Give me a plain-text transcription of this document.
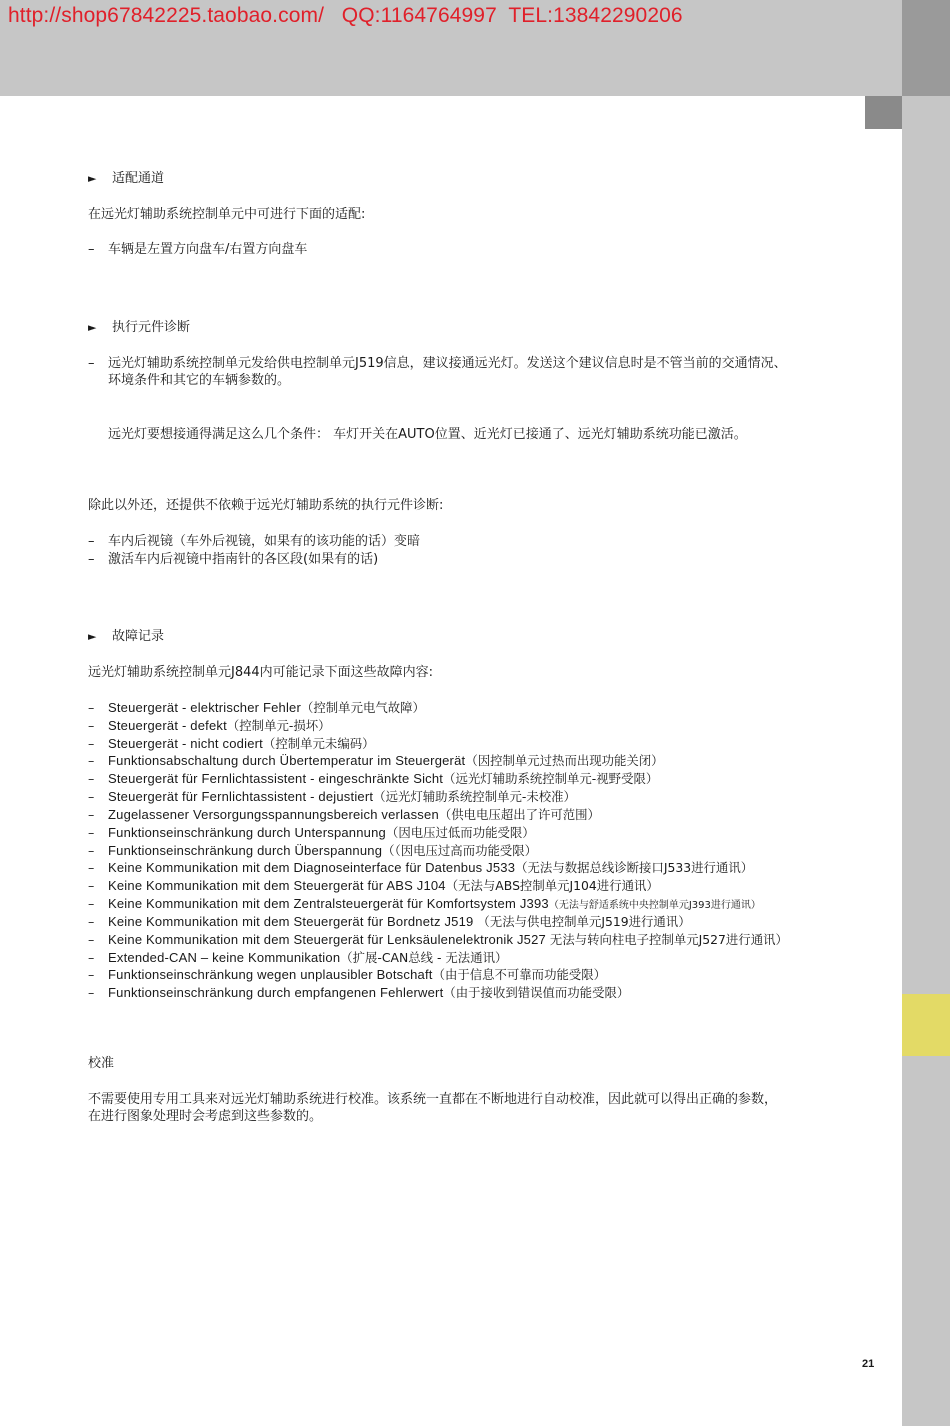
http://shop67842225.taobao.com/   QQ:1164764997  TEL:13842290206
► 适配通道
在远光灯辅助系统控制单元中可进行下面的适配:
– 车辆是左置方向盘车/右置方向盘车
► 执行元件诊断
– 远光灯辅助系统控制单元发给供电控制单元J519信息，建议接通远光灯。发送这个建议信息时是不管当前的交通情况、
环境条件和其它的车辆参数的。
远光灯要想接通得满足这么几个条件： 车灯开关在AUTO位置、近光灯已接通了、远光灯辅助系统功能已激活。
除此以外还，还提供不依赖于远光灯辅助系统的执行元件诊断:
– 车内后视镜（车外后视镜，如果有的该功能的话）变暗
– 激活车内后视镜中指南针的各区段(如果有的话)
► 故障记录
远光灯辅助系统控制单元J844内可能记录下面这些故障内容:
– Steuergerät - elektrischer Fehler（控制单元电气故障）
– Steuergerät - defekt（控制单元-损坏）
– Steuergerät - nicht codiert（控制单元未编码）
– Funktionsabschaltung durch Übertemperatur im Steuergerät（因控制单元过热而出现功能关闭）
– Steuergerät für Fernlichtassistent - eingeschränkte Sicht（远光灯辅助系统控制单元-视野受限）
– Steuergerät für Fernlichtassistent - dejustiert（远光灯辅助系统控制单元-未校准）
– Zugelassener Versorgungsspannungsbereich verlassen（供电电压超出了许可范围）
– Funktionseinschränkung durch Unterspannung（因电压过低而功能受限）
– Funktionseinschränkung durch Überspannung（（因电压过高而功能受限）
– Keine Kommunikation mit dem Diagnoseinterface für Datenbus J533（无法与数据总线诊断接口J533进行通讯）
– Keine Kommunikation mit dem Steuergerät für ABS J104（无法与ABS控制单元J104进行通讯）
– Keine Kommunikation mit dem Zentralsteuergerät für Komfortsystem J393（无法与舒适系统中央控制单元J393进行通讯）
– Keine Kommunikation mit dem Steuergerät für Bordnetz J519 （无法与供电控制单元J519进行通讯）
– Keine Kommunikation mit dem Steuergerät für Lenksäulenelektronik J527 无法与转向柱电子控制单元J527进行通讯）
– Extended-CAN – keine Kommunikation（扩展-CAN总线 - 无法通讯）
– Funktionseinschränkung wegen unplausibler Botschaft（由于信息不可靠而功能受限）
– Funktionseinschränkung durch empfangenen Fehlerwert（由于接收到错误值而功能受限）
校准
不需要使用专用工具来对远光灯辅助系统进行校准。该系统一直都在不断地进行自动校准，因此就可以得出正确的参数，
在进行图象处理时会考虑到这些参数的。
21
